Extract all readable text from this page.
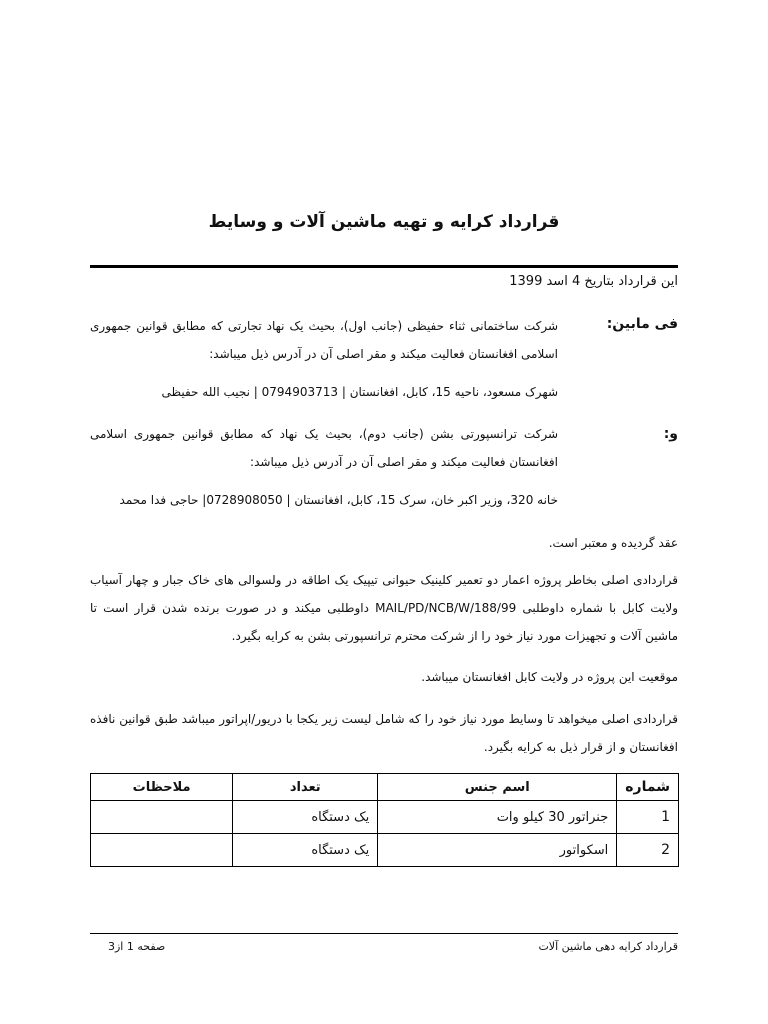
قرارداد کرایه و تهیه ماشین آلات و وسایط
این قرارداد بتاریخ 4 اسد 1399
فی مابین:
شرکت ساختمانی ثناء حفیظی (جانب اول)، بحیث یک نهاد تجارتی که مطابق قوانین جمهوری اسلامی افغانستان فعالیت میکند و مقر اصلی آن در آدرس ذیل میباشد:
شهرک مسعود، ناحیه 15، کابل، افغانستان | 0794903713 | نجیب الله حفیظی
و:
شرکت ترانسپورتی بشن (جانب دوم)، بحیث یک نهاد که مطابق قوانین جمهوری اسلامی افغانستان فعالیت میکند و مقر اصلی آن در آدرس ذیل میباشد:
خانه 320، وزیر اکبر خان، سرک 15، کابل، افغانستان | 0728908050| حاجی فدا محمد
عقد گردیده و معتبر است.
قراردادی اصلی بخاطر پروژه اعمار دو تعمیر کلینیک حیوانی تیپیک یک اطاقه در ولسوالی های خاک جبار و چهار آسیاب ولایت کابل با شماره داوطلبی MAIL/PD/NCB/W/188/99 داوطلبی میکند و در صورت برنده شدن قرار است تا ماشین آلات و تجهیزات مورد نیاز خود را از شرکت محترم ترانسپورتی بشن به کرایه بگیرد.
موقعیت این پروژه در ولایت کابل افغانستان میباشد.
قراردادی اصلی میخواهد تا وسایط مورد نیاز خود را که شامل لیست زیر یکجا با دریور/اپراتور میباشد طبق قوانین نافذه افغانستان و از قرار ذیل به کرایه بگیرد.
شماره	اسم جنس	تعداد	ملاحظات
1	جنراتور 30 کیلو وات	یک دستگاه	
2	اسکواتور	یک دستگاه	
قرارداد کرایه دهی ماشین آلات
صفحه 1 از3
